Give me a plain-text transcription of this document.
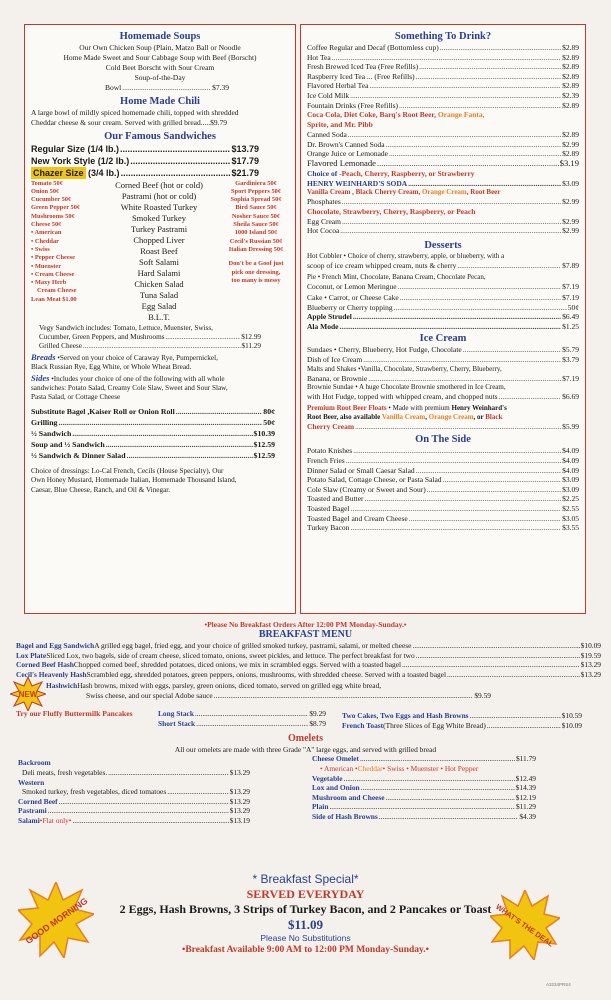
Homemade Soups
Our Own Chicken Soup (Plain, Matzo Ball or Noodle
Home Made Sweet and Sour Cabbage Soup with Beef (Borscht)
Cold Beet Borscht with Sour Cream
Soup-of-the-Day
Bowl .....	$7.39
Home Made Chili
A large bowl of mildly spiced homemade chili, topped with shredded
Cheddar cheese & sour cream. Served with grilled bread.....$9.79
Our Famous Sandwiches
Regular Size (1/4 lb.) .....	$13.79
New York Style (1/2 lb.) .....	$17.79
Chazer Size
(3/4 lb.) .....	$21.79
Tomato 50¢
Onion 50¢
Cucumber 50¢
Green Pepper 50¢
Mushrooms 50¢
Cheese 50¢
• American
• Cheddar
• Swiss
• Pepper Cheese
• Muenster
• Cream Cheese
• Maxy Herb
Cream Cheese
Lean Meat $1.00
Corned Beef (hot or cold)
Pastrami (hot or cold)
White Roasted Turkey
Smoked Turkey
Turkey Pastrami
Chopped Liver
Roast Beef
Soft Salami
Hard Salami
Chicken Salad
Tuna Salad
Egg Salad
B.L.T.
Gardiniera 50¢
Sport Peppers 50¢
Sophia Spread 50¢
Bird Sauce 50¢
Nosher Sauce 50¢
Sheila Sauce 50¢
1000 Island 50¢
Cecil's Russian 50¢
Italian Dressing 50¢
Don't be a Goof just
pick one dressing,
too many is messy
Vegy Sandwich includes: Tomato, Lettuce, Muenster, Swiss,
Cucumber, Green Peppers, and Mushrooms .....	$12.99
Grilled Cheese .....	$11.29
Breads •Served on your choice of Caraway Rye, Pumpernickel,
Black Russian Rye, Egg White, or Whole Wheat Bread.
Sides •Includes your choice of one of the following with all whole
sandwiches: Potato Salad, Creamy Cole Slaw, Sweet and Sour Slaw,
Pasta Salad, or Cottage Cheese
Substitute Bagel ,Kaiser Roll or Onion Roll .....	80¢
Grilling .....	50¢
½ Sandwich .....	$10.39
Soup and ½ Sandwich .....	$12.59
½ Sandwich & Dinner Salad .....	$12.59
Choice of dressings: Lo-Cal French, Cecils (House Specialty), Our
Own Honey Mustard, Homemade Italian, Homemade Thousand Island,
Caesar, Blue Cheese, Ranch, and Oil & Vinegar.
Something To Drink?
Coffee Regular and Decaf (Bottomless cup) .....	$2.89
Hot Tea .....	$2.89
Fresh Brewed Iced Tea (Free Refills) .....	$2.89
Raspberry Iced Tea ... (Free Refills) .....	$2.89
Flavored Herbal Tea .....	$2.89
Ice Cold Milk .....	$2.39
Fountain Drinks (Free Refills) .....	$2.89
Coca Cola, Diet Coke, Barq's Root Beer, Orange Fanta,
Sprite, and Mr. Pibb
Canned Soda .....	$2.89
Dr. Brown's Canned Soda .....	$2.99
Orange Juice or Lemonade .....	$2.89
Flavored Lemonade .....	$3.19
Choice of -Peach, Cherry, Raspberry, or Strawberry
HENRY WEINHARD'S SODA .....	$3.09
Vanilla Cream , Black Cherry Cream, Orange Cream, Root Beer
Phosphates .....	$2.99
Chocolate, Strawberry, Cherry, Raspberry, or Peach
Egg Cream .....	$2.99
Hot Cocoa .....	$2.99
Desserts
Hot Cobbler • Choice of cherry, strawberry, apple, or blueberry, with a
scoop of ice cream whipped cream, nuts & cherry .....	$7.89
Pie • French Mint, Chocolate, Banana Cream, Chocolate Pecan,
Coconut, or Lemon Meringue .....	$7.19
Cake • Carrot, or Cheese Cake .....	$7.19
Blueberry or Cherry topping .....	50¢
Apple Strudel .....	$6.49
Ala Mode .....	$1.25
Ice Cream
Sundaes • Cherry, Blueberry, Hot Fudge, Chocolate .....	$5.79
Dish of Ice Cream .....	$3.79
Malts and Shakes •Vanilla, Chocolate, Strawberry, Cherry, Blueberry,
Banana, or Brownie .....	$7.19
Brownie Sundae • A huge Chocolate Brownie smothered in Ice Cream,
with Hot Fudge, topped with whipped cream, and chopped nuts .....	$6.69
Premium Root Beer Floats • Made with premium Henry Weinhard's
Root Beer, also available Vanilla Cream, Orange Cream, or Black
Cherry Cream .....	$5.99
On The Side
Potato Knishes .....	$4.09
French Fries .....	$4.09
Dinner Salad or Small Caesar Salad .....	$4.09
Potato Salad, Cottage Cheese, or Pasta Salad .....	$3.09
Cole Slaw (Creamy or Sweet and Sour) .....	$3.09
Toasted and Butter .....	$2.25
Toasted Bagel .....	$2.55
Toasted Bagel and Cream Cheese .....	$3.05
Turkey Bacon .....	$3.55
•Please No Breakfast Orders After 12:00 PM Monday-Sunday.•
BREAKFAST MENU
Bagel and Egg Sandwich A grilled egg bagel, fried egg, and your choice of grilled smoked turkey, pastrami, salami, or melted cheese .....	$10.09
Lox Plate Sliced Lox, two bagels, side of cream cheese, sliced tomato, onions, sweet pickles, and lettuce. The perfect breakfast for two .....	$19.59
Corned Beef Hash Chopped corned beef, shredded potatoes, diced onions, we mix in scrambled eggs. Served with a toasted bagel .....	$13.29
Cecil's Heavenly Hash Scrambled egg, shredded potatoes, green peppers, onions, mushrooms, with shredded cheese. Served with a toasted bagel .....	$13.29
NEW
Hashwich Hash browns, mixed with eggs, parsley, green onions, diced tomato, served on grilled egg white bread,
Swiss cheese, and our special Adobe sauce .....	$9.59
Try our Fluffy Buttermilk Pancakes	Long Stack .....	$9.29
Short Stack .....	$8.79
Two Cakes, Two Eggs and Hash Browns .....	$10.59
French Toast (Three Slices of Egg White Bread) .....	$10.09
Omelets
All our omelets are made with three Grade "A" large eggs, and served with grilled bread
Backroom
Deli meats, fresh vegetables. .....	$13.29
Western
Smoked turkey, fresh vegetables, diced tomatoes .....	$13.29
Corned Beef .....	$13.29
Pastrami .....	$13.29
Salami •Flat only• .....	$13.19
Cheese Omelet .....	$11.79
• American • Cheddar • Swiss • Muenster • Hot Pepper
Vegetable .....	$12.49
Lox and Onion .....	$14.39
Mushroom and Cheese .....	$12.19
Plain .....	$11.29
Side of Hash Browns .....	$4.39
* Breakfast Special*
SERVED EVERYDAY
2 Eggs, Hash Browns, 3 Strips of Turkey Bacon, and 2 Pancakes or Toast
$11.09
Please No Substitutions
•Breakfast Available 9:00 AM to 12:00 PM Monday-Sunday.•
GOOD MORNING	WHAT'S THE DEAL
A3234PRS4
